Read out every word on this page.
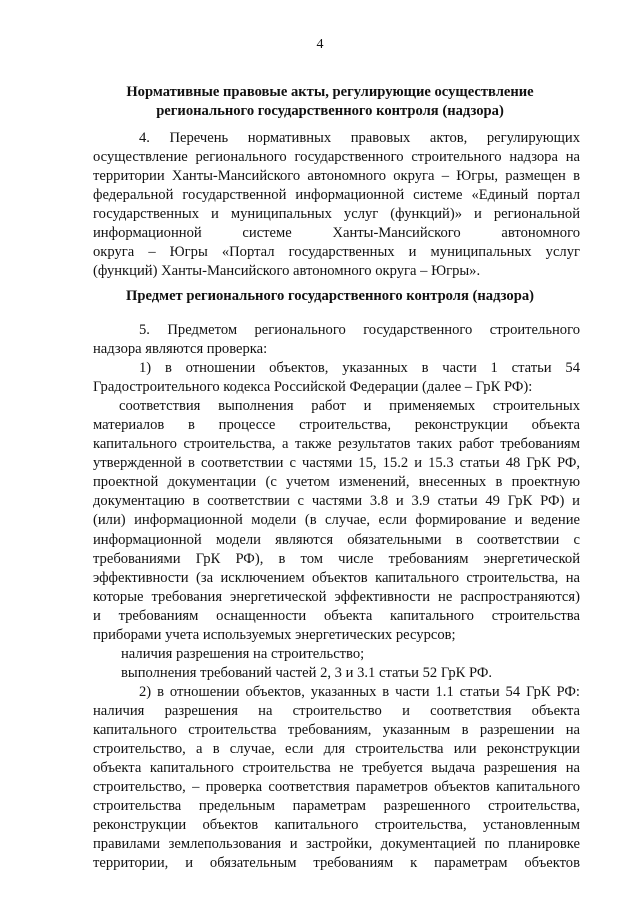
4
Нормативные правовые акты, регулирующие осуществление
регионального государственного контроля (надзора)

4. Перечень нормативных правовых актов, регулирующих

осуществление регионального государственного строительного надзора на

территории Ханты-Мансийского автономного округа – Югры, размещен в

федеральной государственной информационной системе «Единый портал

государственных и муниципальных услуг (функций)» и региональной

информационной системе Ханты-Мансийского автономного

округа – Югры «Портал государственных и муниципальных услуг

(функций) Ханты-Мансийского автономного округа – Югры».

Предмет регионального государственного контроля (надзора)

5. Предметом регионального государственного строительного

надзора являются проверка:

1) в отношении объектов, указанных в части 1 статьи 54

Градостроительного кодекса Российской Федерации (далее – ГрК РФ):

соответствия выполнения работ и применяемых строительных

материалов в процессе строительства, реконструкции объекта

капитального строительства, а также результатов таких работ требованиям

утвержденной в соответствии с частями 15, 15.2 и 15.3 статьи 48 ГрК РФ,

проектной документации (с учетом изменений, внесенных в проектную

документацию в соответствии с частями 3.8 и 3.9 статьи 49 ГрК РФ) и

(или) информационной модели (в случае, если формирование и ведение

информационной модели являются обязательными в соответствии с

требованиями ГрК РФ), в том числе требованиям энергетической

эффективности (за исключением объектов капитального строительства, на

которые требования энергетической эффективности не распространяются)

и требованиям оснащенности объекта капитального строительства

приборами учета используемых энергетических ресурсов;

наличия разрешения на строительство;

выполнения требований частей 2, 3 и 3.1 статьи 52 ГрК РФ.

2) в отношении объектов, указанных в части 1.1 статьи 54 ГрК РФ:

наличия разрешения на строительство и соответствия объекта

капитального строительства требованиям, указанным в разрешении на

строительство, а в случае, если для строительства или реконструкции

объекта капитального строительства не требуется выдача разрешения на

строительство, – проверка соответствия параметров объектов капитального

строительства предельным параметрам разрешенного строительства,

реконструкции объектов капитального строительства, установленным

правилами землепользования и застройки, документацией по планировке

территории, и обязательным требованиям к параметрам объектов
